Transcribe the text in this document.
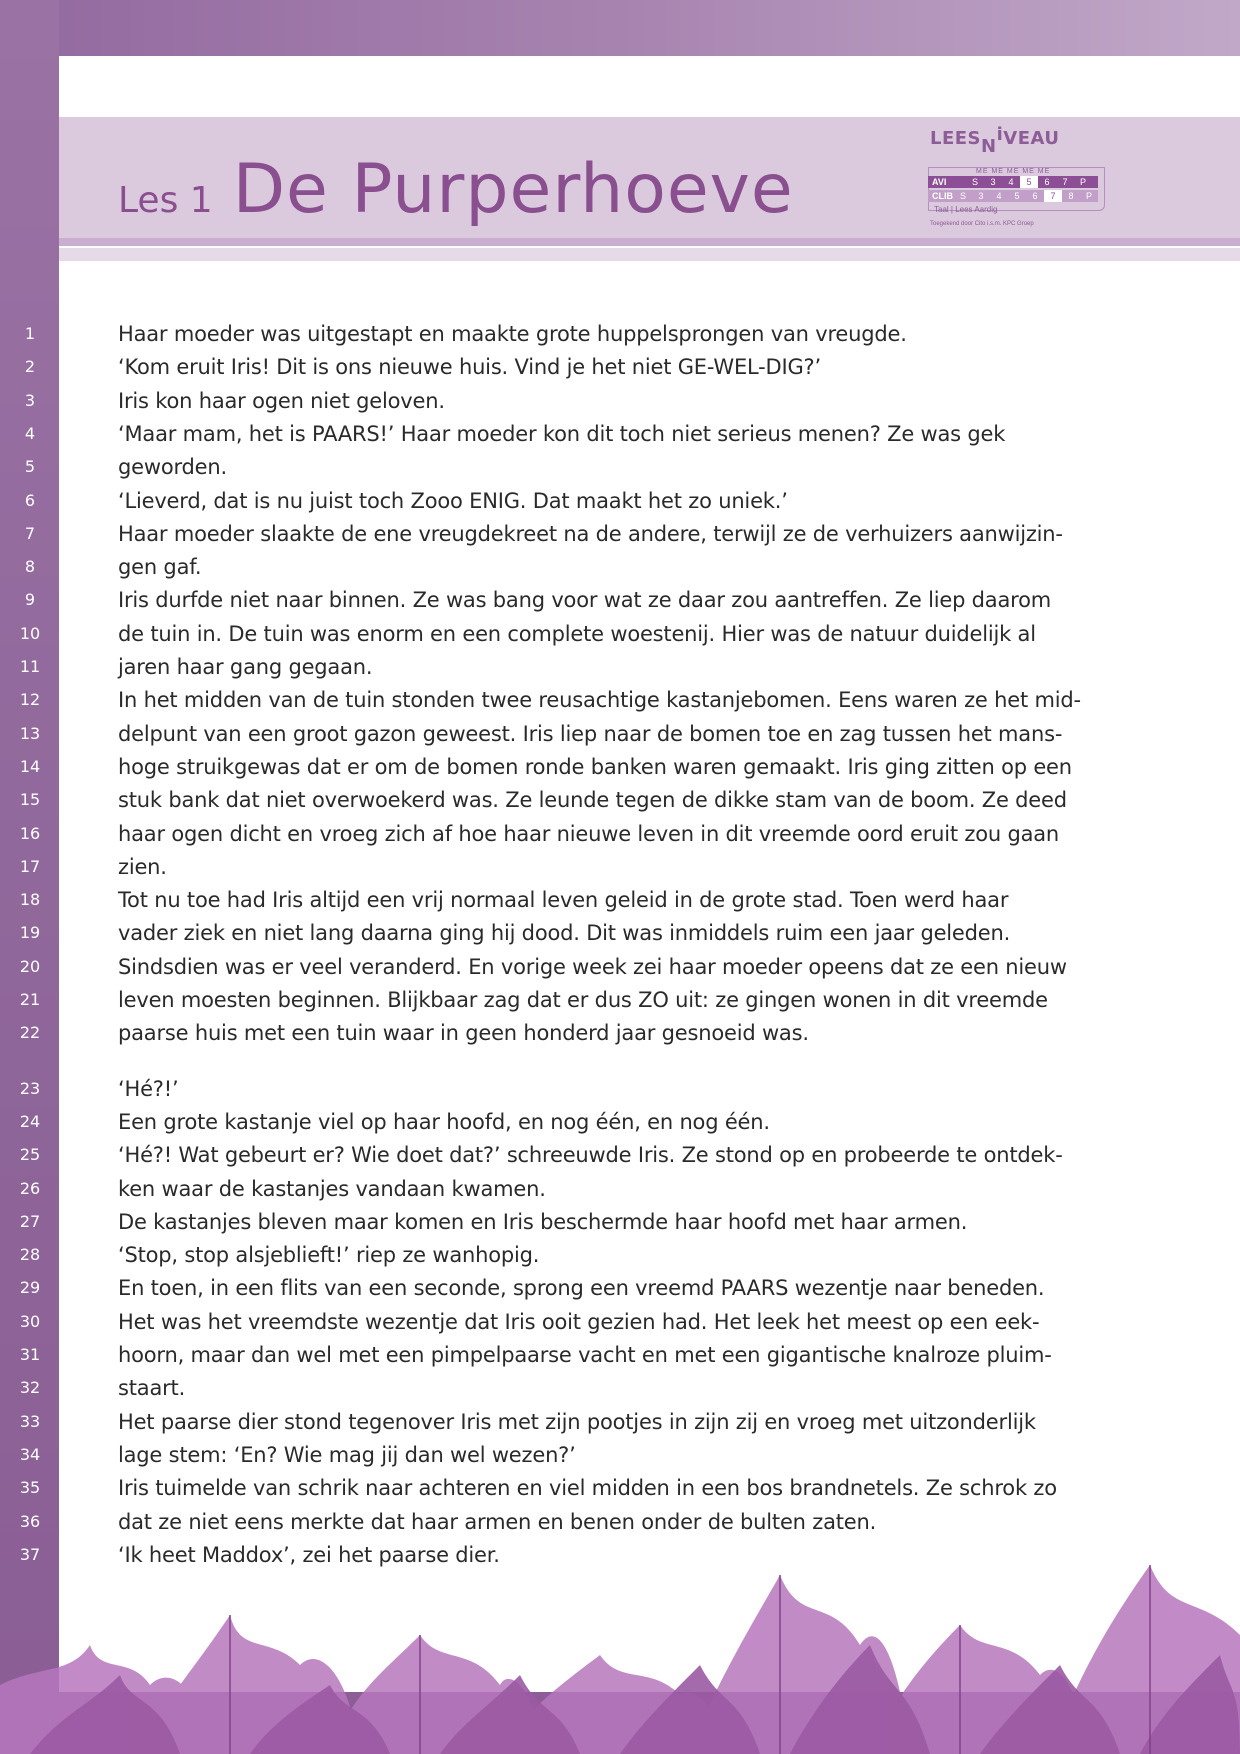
Les 1 De Purperhoeve
LEESNiVEAU
ME ME ME ME ME
AVI	S	3	4	5	6	7	P
CLIB S	3	4	5	6	7	8	P
Taal | Lees Aardig
Toegekend door Cito i.s.m. KPC Groep
1
2
3
4
5
6
7
8
9
10
11
12
13
14
15
16
17
18
19
20
21
22
23
24
25
26
27
28
29
30
31
32
33
34
35
36
37
Haar moeder was uitgestapt en maakte grote huppelsprongen van vreugde.
‘Kom eruit Iris! Dit is ons nieuwe huis. Vind je het niet GE-WEL-DIG?’
Iris kon haar ogen niet geloven.
‘Maar mam, het is PAARS!’ Haar moeder kon dit toch niet serieus menen? Ze was gek
geworden.
‘Lieverd, dat is nu juist toch Zooo ENIG. Dat maakt het zo uniek.’
Haar moeder slaakte de ene vreugdekreet na de andere, terwijl ze de verhuizers aanwijzin-
gen gaf.
Iris durfde niet naar binnen. Ze was bang voor wat ze daar zou aantreffen. Ze liep daarom
de tuin in. De tuin was enorm en een complete woestenij. Hier was de natuur duidelijk al
jaren haar gang gegaan.
In het midden van de tuin stonden twee reusachtige kastanjebomen. Eens waren ze het mid-
delpunt van een groot gazon geweest. Iris liep naar de bomen toe en zag tussen het mans-
hoge struikgewas dat er om de bomen ronde banken waren gemaakt. Iris ging zitten op een
stuk bank dat niet overwoekerd was. Ze leunde tegen de dikke stam van de boom. Ze deed
haar ogen dicht en vroeg zich af hoe haar nieuwe leven in dit vreemde oord eruit zou gaan
zien.
Tot nu toe had Iris altijd een vrij normaal leven geleid in de grote stad. Toen werd haar
vader ziek en niet lang daarna ging hij dood. Dit was inmiddels ruim een jaar geleden.
Sindsdien was er veel veranderd. En vorige week zei haar moeder opeens dat ze een nieuw
leven moesten beginnen. Blijkbaar zag dat er dus ZO uit: ze gingen wonen in dit vreemde
paarse huis met een tuin waar in geen honderd jaar gesnoeid was.
‘Hé?!’
Een grote kastanje viel op haar hoofd, en nog één, en nog één.
‘Hé?! Wat gebeurt er? Wie doet dat?’ schreeuwde Iris. Ze stond op en probeerde te ontdek-
ken waar de kastanjes vandaan kwamen.
De kastanjes bleven maar komen en Iris beschermde haar hoofd met haar armen.
‘Stop, stop alsjeblieft!’ riep ze wanhopig.
En toen, in een flits van een seconde, sprong een vreemd PAARS wezentje naar beneden.
Het was het vreemdste wezentje dat Iris ooit gezien had. Het leek het meest op een eek-
hoorn, maar dan wel met een pimpelpaarse vacht en met een gigantische knalroze pluim-
staart.
Het paarse dier stond tegenover Iris met zijn pootjes in zijn zij en vroeg met uitzonderlijk
lage stem: ‘En? Wie mag jij dan wel wezen?’
Iris tuimelde van schrik naar achteren en viel midden in een bos brandnetels. Ze schrok zo
dat ze niet eens merkte dat haar armen en benen onder de bulten zaten.
‘Ik heet Maddox’, zei het paarse dier.
